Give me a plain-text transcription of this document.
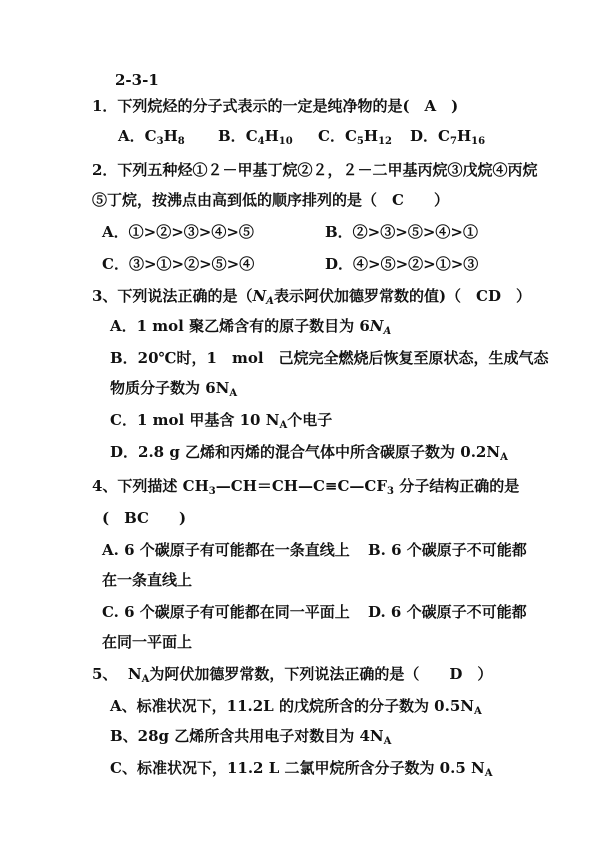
2-3-1
1．下列烷烃的分子式表示的一定是纯净物的是(　A　)
A．$C_3H_8$ B．$C_4H_{10}$ C．$C_5H_{12}$ D．$C_7H_{16}$
2．下列五种烃①２－甲基丁烷②２，２－二甲基丙烷③戊烷④丙烷
⑤丁烷，按沸点由高到低的顺序排列的是（　C　　）
A．①>②>③>④>⑤	B．②>③>⑤>④>①
C．③>①>②>⑤>④	D．④>⑤>②>①>③
3、下列说法正确的是（$N_A$表示阿伏加德罗常数的值)（　CD　）
A．1 mol 聚乙烯含有的原子数目为 $6N_A$
B．20℃时，1　mol　己烷完全燃烧后恢复至原状态，生成气态
物质分子数为 $6N_A$
C．1 mol 甲基含 10 $N_A$个电子
D．2.8 g 乙烯和丙烯的混合气体中所含碳原子数为 $0.2N_A$
4、下列描述 $CH_3—CH=CH—C\equiv C—CF_3$ 分子结构正确的是
(　BC　　)
A. 6 个碳原子有可能都在一条直线上 B. 6 个碳原子不可能都
在一条直线上
C. 6 个碳原子有可能都在同一平面上 D. 6 个碳原子不可能都
在同一平面上
5、 $N_A$为阿伏加德罗常数，下列说法正确的是（　　D　）
A、标准状况下，11.2L 的戊烷所含的分子数为 $0.5N_A$
B、28g 乙烯所含共用电子对数目为 $4N_A$
C、标准状况下，11.2 L 二氯甲烷所含分子数为 0.5 $N_A$
